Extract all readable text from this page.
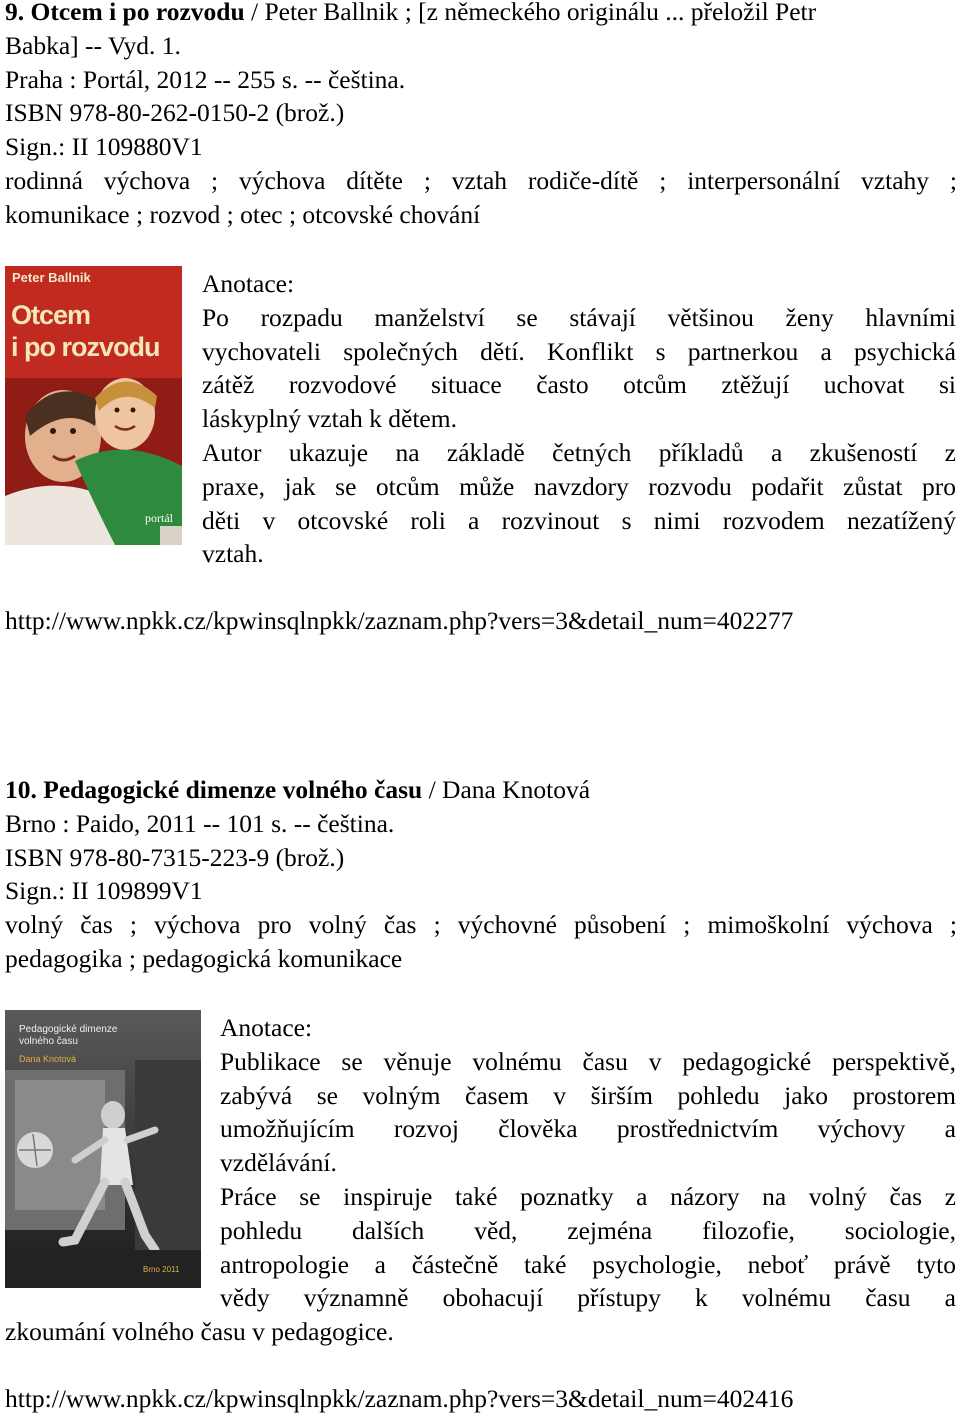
9. Otcem i po rozvodu / Peter Ballnik ; [z německého originálu ... přeložil Petr
Babka] -- Vyd. 1.
Praha : Portál, 2012 -- 255 s. -- čeština.
ISBN 978-80-262-0150-2 (brož.)
Sign.: II 109880V1
rodinná výchova ; výchova dítěte ; vztah rodiče-dítě ; interpersonální vztahy ;
komunikace ; rozvod ; otec ; otcovské chování
Peter Ballnik
Otcem
i po rozvodu
portál
Anotace:
Po rozpadu manželství se stávají většinou ženy hlavními
vychovateli společných dětí. Konflikt s partnerkou a psychická
zátěž rozvodové situace často otcům ztěžují uchovat si
láskyplný vztah k dětem.
Autor ukazuje na základě četných příkladů a zkušeností z
praxe, jak se otcům může navzdory rozvodu podařit zůstat pro
děti v otcovské roli a rozvinout s nimi rozvodem nezatížený
vztah.
http://www.npkk.cz/kpwinsqlnpkk/zaznam.php?vers=3&detail_num=402277
10. Pedagogické dimenze volného času / Dana Knotová
Brno : Paido, 2011 -- 101 s. -- čeština.
ISBN 978-80-7315-223-9 (brož.)
Sign.: II 109899V1
volný čas ; výchova pro volný čas ; výchovné působení ; mimoškolní výchova ;
pedagogika ; pedagogická komunikace
Pedagogické dimenze
volného času
Dana Knotová
Brno 2011
Anotace:
Publikace se věnuje volnému času v pedagogické perspektivě,
zabývá se volným časem v širším pohledu jako prostorem
umožňujícím rozvoj člověka prostřednictvím výchovy a
vzdělávání.
Práce se inspiruje také poznatky a názory na volný čas z
pohledu dalších věd, zejména filozofie, sociologie,
antropologie a částečně také psychologie, neboť právě tyto
vědy významně obohacují přístupy k volnému času a
zkoumání volného času v pedagogice.
http://www.npkk.cz/kpwinsqlnpkk/zaznam.php?vers=3&detail_num=402416
